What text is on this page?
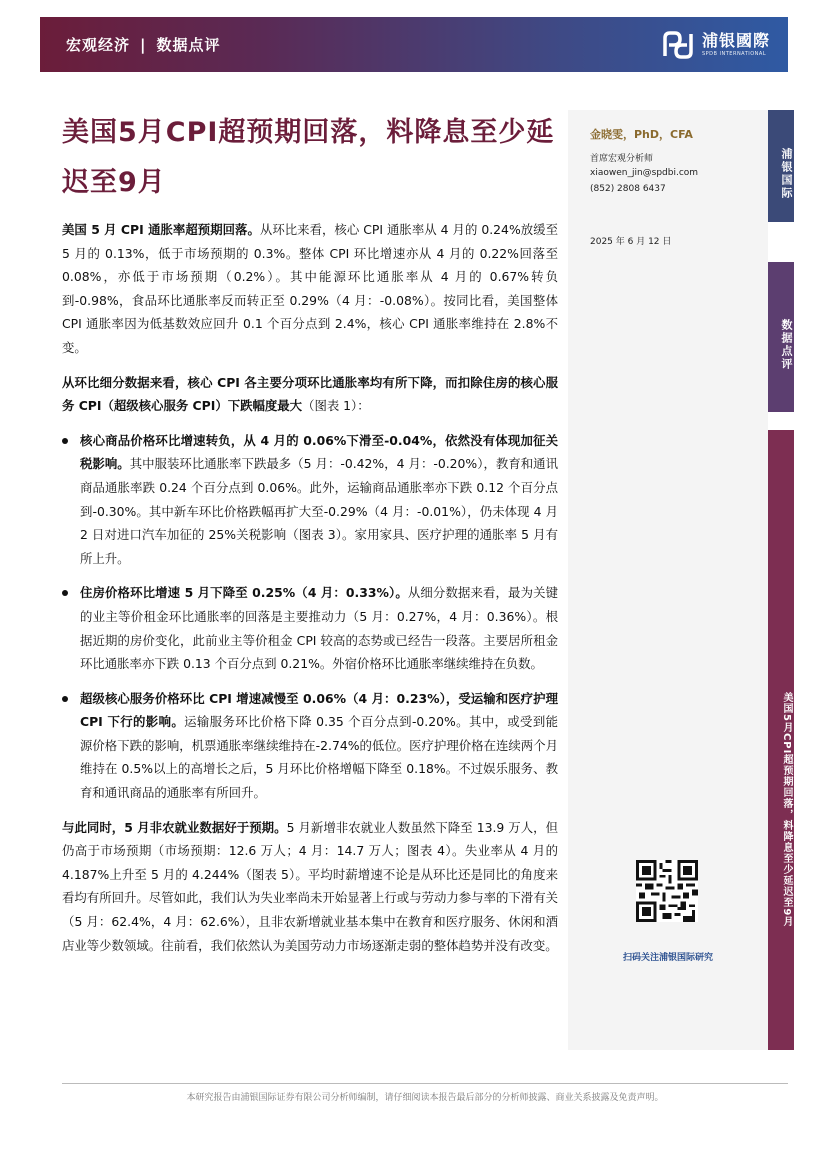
宏观经济 | 数据点评	浦银國際
SPDB INTERNATIONAL
美国5月CPI超预期回落，料降息至少延迟至9月
金晓雯，PhD，CFA
首席宏观分析师
xiaowen_jin@spdbi.com
(852) 2808 6437
2025 年 6 月 12 日
浦银国际
数据点评
美国5月CPI超预期回落，料降息至少延迟至9月
扫码关注浦银国际研究

美国 5 月 CPI 通胀率超预期回落。从环比来看，核心 CPI 通胀率从 4 月的 0.24%放缓至 5 月的 0.13%，低于市场预期的 0.3%。整体 CPI 环比增速亦从 4 月的 0.22%回落至 0.08%，亦低于市场预期（0.2%）。其中能源环比通胀率从 4 月的 0.67%转负到-0.98%，食品环比通胀率反而转正至 0.29%（4 月：-0.08%）。按同比看，美国整体 CPI 通胀率因为低基数效应回升 0.1 个百分点到 2.4%，核心 CPI 通胀率维持在 2.8%不变。

从环比细分数据来看，核心 CPI 各主要分项环比通胀率均有所下降，而扣除住房的核心服务 CPI（超级核心服务 CPI）下跌幅度最大（图表 1）：

核心商品价格环比增速转负，从 4 月的 0.06%下滑至-0.04%，依然没有体现加征关税影响。其中服装环比通胀率下跌最多（5 月：-0.42%，4 月：-0.20%），教育和通讯商品通胀率跌 0.24 个百分点到 0.06%。此外，运输商品通胀率亦下跌 0.12 个百分点到-0.30%。其中新车环比价格跌幅再扩大至-0.29%（4 月：-0.01%），仍未体现 4 月 2 日对进口汽车加征的 25%关税影响（图表 3）。家用家具、医疗护理的通胀率 5 月有所上升。

住房价格环比增速 5 月下降至 0.25%（4 月：0.33%）。从细分数据来看，最为关键的业主等价租金环比通胀率的回落是主要推动力（5 月：0.27%，4 月：0.36%）。根据近期的房价变化，此前业主等价租金 CPI 较高的态势或已经告一段落。主要居所租金环比通胀率亦下跌 0.13 个百分点到 0.21%。外宿价格环比通胀率继续维持在负数。

超级核心服务价格环比 CPI 增速减慢至 0.06%（4 月：0.23%），受运输和医疗护理 CPI 下行的影响。运输服务环比价格下降 0.35 个百分点到-0.20%。其中，或受到能源价格下跌的影响，机票通胀率继续维持在-2.74%的低位。医疗护理价格在连续两个月维持在 0.5%以上的高增长之后，5 月环比价格增幅下降至 0.18%。不过娱乐服务、教育和通讯商品的通胀率有所回升。

与此同时，5 月非农就业数据好于预期。5 月新增非农就业人数虽然下降至 13.9 万人，但仍高于市场预期（市场预期：12.6 万人；4 月：14.7 万人；图表 4）。失业率从 4 月的 4.187%上升至 5 月的 4.244%（图表 5）。平均时薪增速不论是从环比还是同比的角度来看均有所回升。尽管如此，我们认为失业率尚未开始显著上行或与劳动力参与率的下滑有关（5 月：62.4%，4 月：62.6%），且非农新增就业基本集中在教育和医疗服务、休闲和酒店业等少数领域。往前看，我们依然认为美国劳动力市场逐渐走弱的整体趋势并没有改变。

本研究报告由浦银国际证券有限公司分析师编制，请仔细阅读本报告最后部分的分析师披露、商业关系披露及免责声明。
